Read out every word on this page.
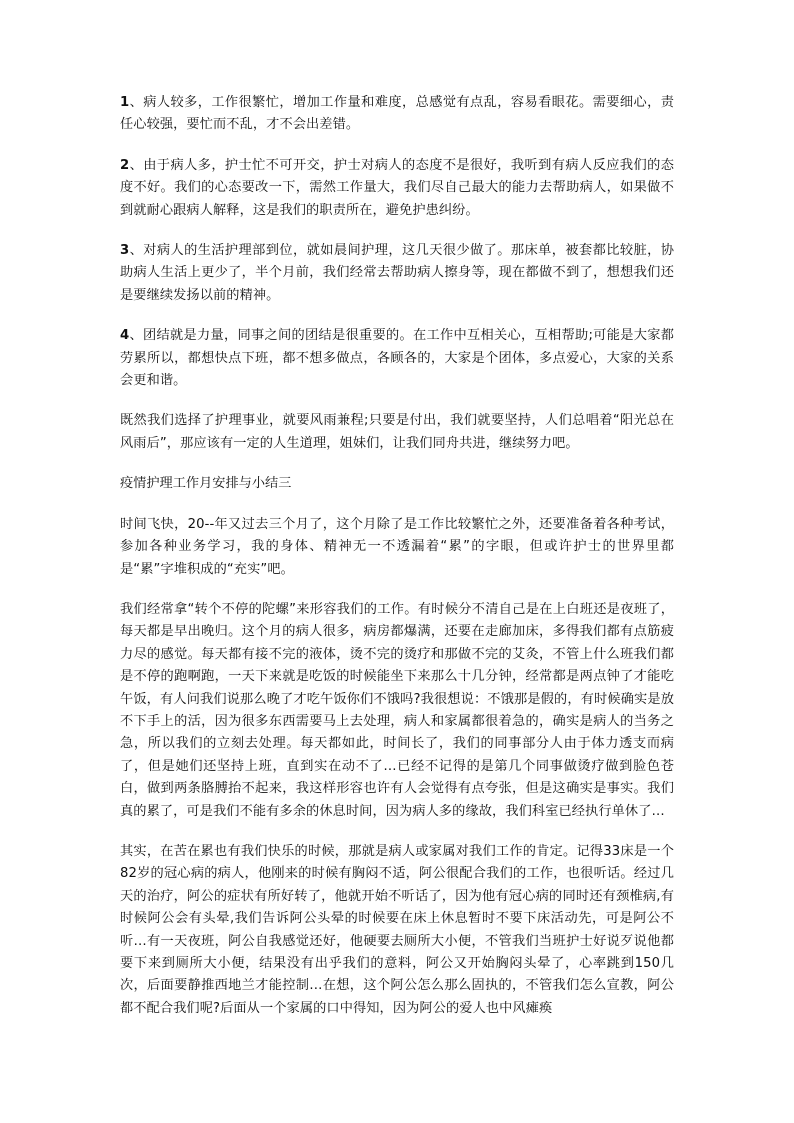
1、病人较多，工作很繁忙，增加工作量和难度，总感觉有点乱，容易看眼花。需要细心，责任心较强，要忙而不乱，才不会出差错。

2、由于病人多，护士忙不可开交，护士对病人的态度不是很好，我听到有病人反应我们的态度不好。我们的心态要改一下，需然工作量大，我们尽自己最大的能力去帮助病人，如果做不到就耐心跟病人解释，这是我们的职责所在，避免护患纠纷。

3、对病人的生活护理部到位，就如晨间护理，这几天很少做了。那床单，被套都比较脏，协助病人生活上更少了，半个月前，我们经常去帮助病人擦身等，现在都做不到了，想想我们还是要继续发扬以前的精神。

4、团结就是力量，同事之间的团结是很重要的。在工作中互相关心，互相帮助;可能是大家都劳累所以，都想快点下班，都不想多做点，各顾各的，大家是个团体，多点爱心，大家的关系会更和谐。

既然我们选择了护理事业，就要风雨兼程;只要是付出，我们就要坚持，人们总唱着“阳光总在风雨后”，那应该有一定的人生道理，姐妹们，让我们同舟共进，继续努力吧。

疫情护理工作月安排与小结三

时间飞快，20--年又过去三个月了，这个月除了是工作比较繁忙之外，还要准备着各种考试，参加各种业务学习，我的身体、精神无一不透漏着“累”的字眼，但或许护士的世界里都是“累”字堆积成的“充实”吧。

我们经常拿“转个不停的陀螺”来形容我们的工作。有时候分不清自己是在上白班还是夜班了，每天都是早出晚归。这个月的病人很多，病房都爆满，还要在走廊加床，多得我们都有点筋疲力尽的感觉。每天都有接不完的液体，烫不完的烫疗和那做不完的艾灸，不管上什么班我们都是不停的跑啊跑，一天下来就是吃饭的时候能坐下来那么十几分钟，经常都是两点钟了才能吃午饭，有人问我们说那么晚了才吃午饭你们不饿吗?我很想说：不饿那是假的，有时候确实是放不下手上的活，因为很多东西需要马上去处理，病人和家属都很着急的，确实是病人的当务之急，所以我们的立刻去处理。每天都如此，时间长了，我们的同事部分人由于体力透支而病了，但是她们还坚持上班，直到实在动不了…已经不记得的是第几个同事做烫疗做到脸色苍白，做到两条胳膊抬不起来，我这样形容也许有人会觉得有点夸张，但是这确实是事实。我们真的累了，可是我们不能有多余的休息时间，因为病人多的缘故，我们科室已经执行单休了…

其实，在苦在累也有我们快乐的时候，那就是病人或家属对我们工作的肯定。记得33床是一个82岁的冠心病的病人，他刚来的时候有胸闷不适，阿公很配合我们的工作，也很听话。经过几天的治疗，阿公的症状有所好转了，他就开始不听话了，因为他有冠心病的同时还有颈椎病,有时候阿公会有头晕,我们告诉阿公头晕的时候要在床上休息暂时不要下床活动先，可是阿公不听…有一天夜班，阿公自我感觉还好，他硬要去厕所大小便，不管我们当班护士好说歹说他都要下来到厕所大小便，结果没有出乎我们的意料，阿公又开始胸闷头晕了，心率跳到150几次，后面要静推西地兰才能控制…在想，这个阿公怎么那么固执的，不管我们怎么宣教，阿公都不配合我们呢?后面从一个家属的口中得知，因为阿公的爱人也中风瘫痪
